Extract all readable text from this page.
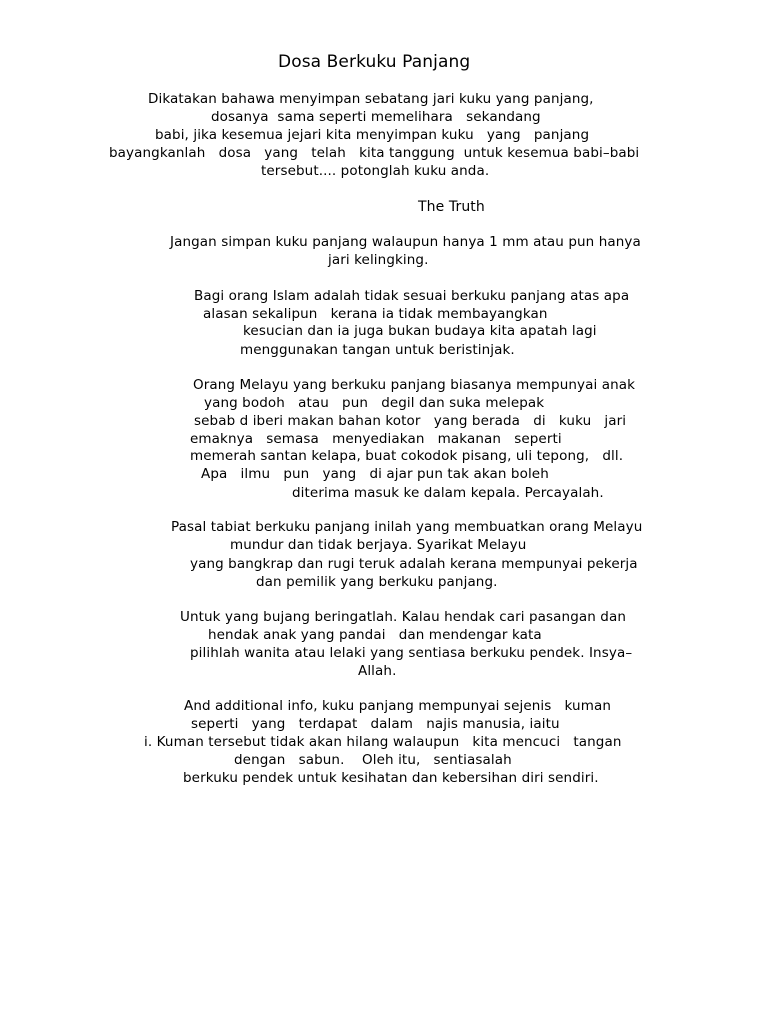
Dosa Berkuku Panjang
Dikatakan bahawa menyimpan sebatang jari kuku yang panjang,
dosanya  sama seperti memelihara   sekandang
babi, jika kesemua jejari kita menyimpan kuku   yang   panjang
bayangkanlah   dosa   yang   telah   kita tanggung  untuk kesemua babi–babi
tersebut.... potonglah kuku anda.
The Truth
Jangan simpan kuku panjang walaupun hanya 1 mm atau pun hanya
jari kelingking.
Bagi orang Islam adalah tidak sesuai berkuku panjang atas apa
alasan sekalipun   kerana ia tidak membayangkan
kesucian dan ia juga bukan budaya kita apatah lagi
menggunakan tangan untuk beristinjak.
Orang Melayu yang berkuku panjang biasanya mempunyai anak
yang bodoh   atau   pun   degil dan suka melepak
sebab d iberi makan bahan kotor   yang berada   di   kuku   jari
emaknya   semasa   menyediakan   makanan   seperti
memerah santan kelapa, buat cokodok pisang, uli tepong,   dll.
Apa   ilmu   pun   yang   di ajar pun tak akan boleh
diterima masuk ke dalam kepala. Percayalah.
Pasal tabiat berkuku panjang inilah yang membuatkan orang Melayu
mundur dan tidak berjaya. Syarikat Melayu
yang bangkrap dan rugi teruk adalah kerana mempunyai pekerja
dan pemilik yang berkuku panjang.
Untuk yang bujang beringatlah. Kalau hendak cari pasangan dan
hendak anak yang pandai   dan mendengar kata
pilihlah wanita atau lelaki yang sentiasa berkuku pendek. Insya–
Allah.
And additional info, kuku panjang mempunyai sejenis   kuman
seperti   yang   terdapat   dalam   najis manusia, iaitu
i. Kuman tersebut tidak akan hilang walaupun   kita mencuci   tangan
dengan   sabun.    Oleh itu,   sentiasalah
berkuku pendek untuk kesihatan dan kebersihan diri sendiri.
